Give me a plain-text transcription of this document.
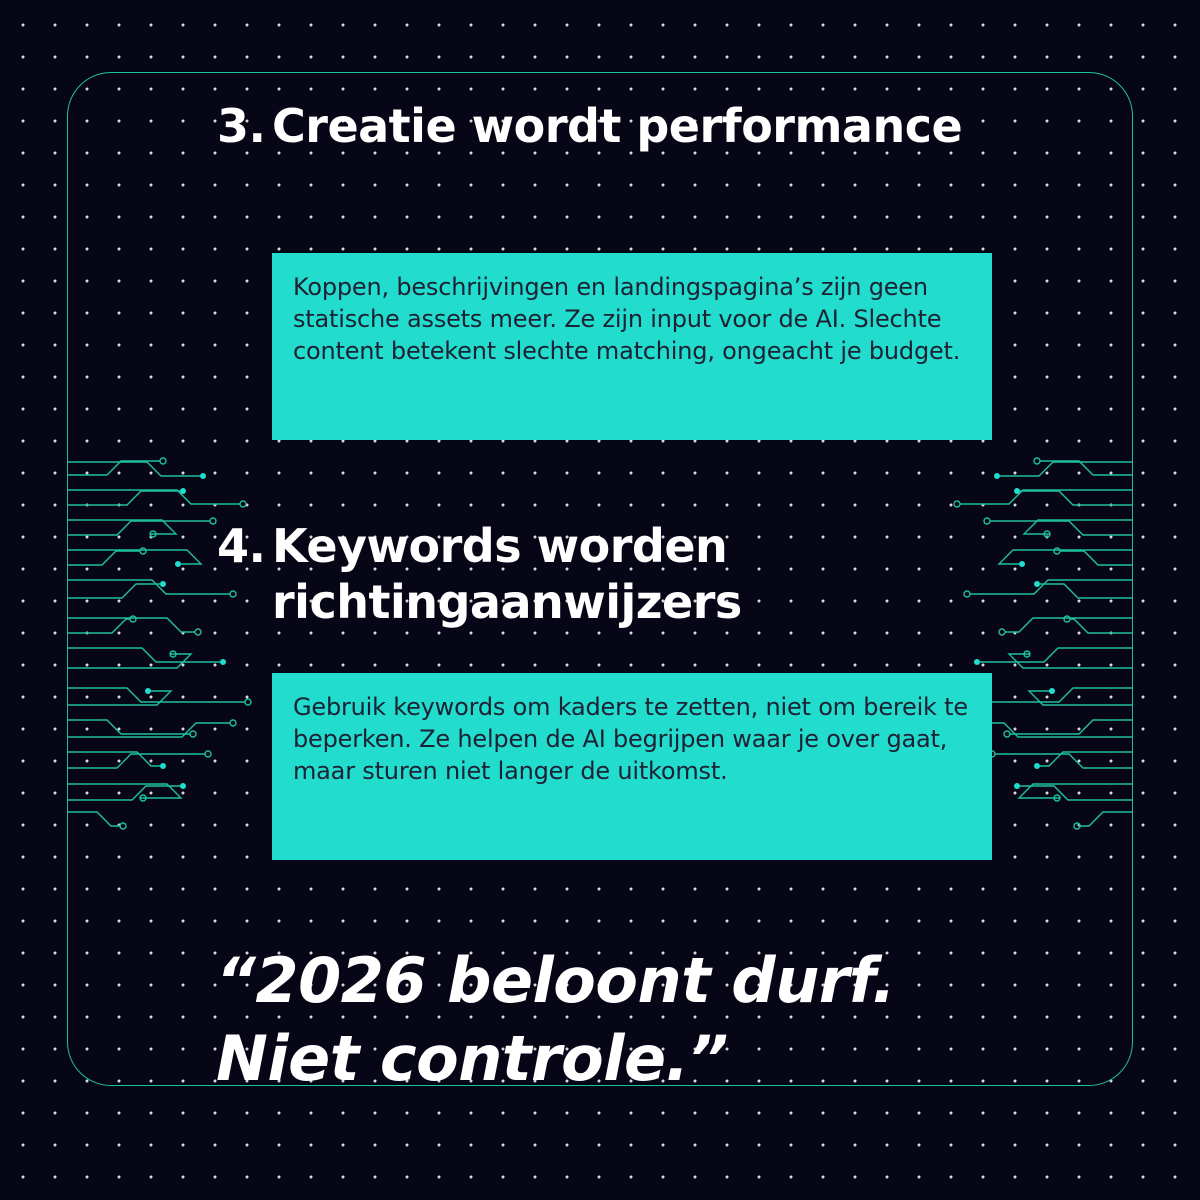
3. Creatie wordt performance
Koppen, beschrijvingen en landingspagina’s zijn geen statische assets meer. Ze zijn input voor de AI. Slechte content betekent slechte matching, ongeacht je budget.
4. Keywords worden richtingaanwijzers
Gebruik keywords om kaders te zetten, niet om bereik te beperken. Ze helpen de AI begrijpen waar je over gaat, maar sturen niet langer de uitkomst.

“2026 beloont durf. Niet controle.”
